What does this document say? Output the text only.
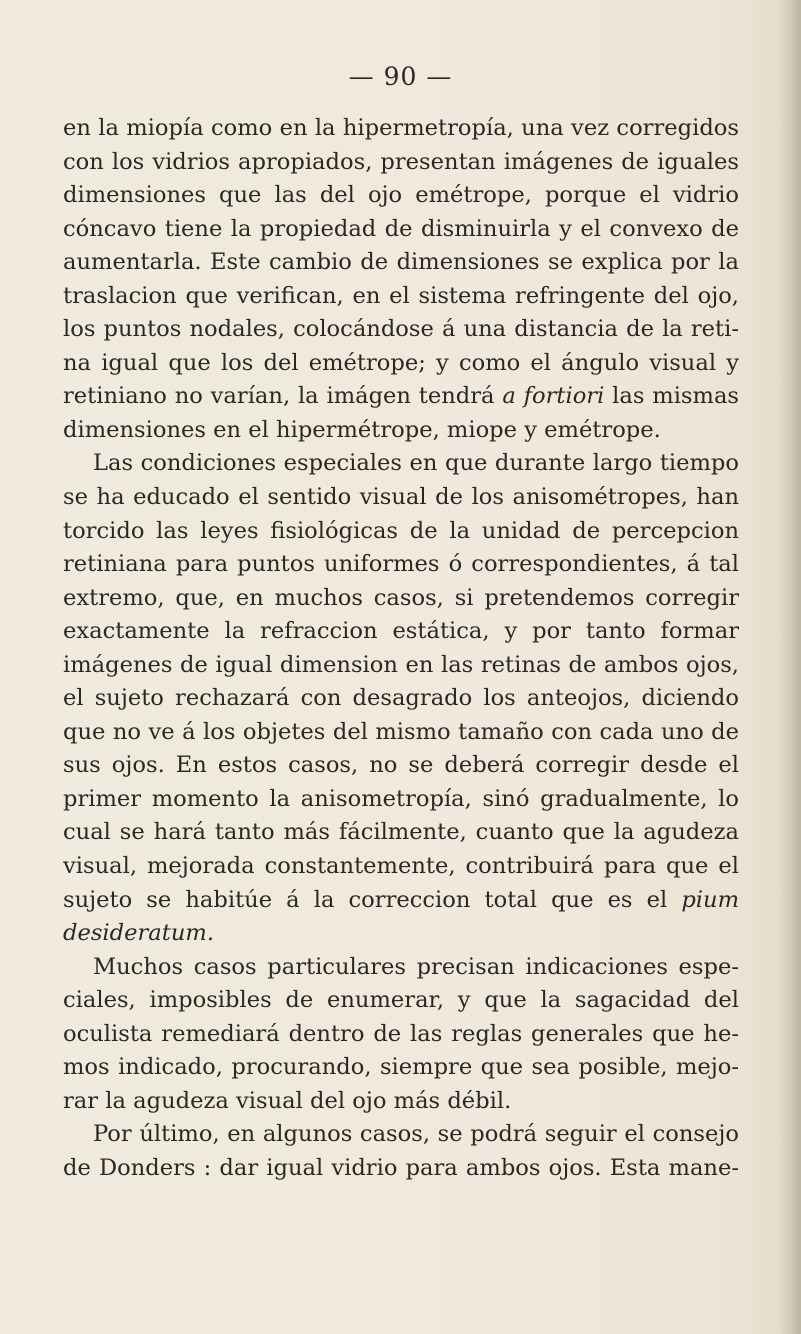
— 90 —
en la miopía como en la hipermetropía, una vez corregidos
con los vidrios apropiados, presentan imágenes de iguales
dimensiones que las del ojo emétrope, porque el vidrio
cóncavo tiene la propiedad de disminuirla y el convexo de
aumentarla. Este cambio de dimensiones se explica por la
traslacion que verifican, en el sistema refringente del ojo,
los puntos nodales, colocándose á una distancia de la reti-
na igual que los del emétrope; y como el ángulo visual y
retiniano no varían, la imágen tendrá a fortiori las mismas
dimensiones en el hipermétrope, miope y emétrope.
Las condiciones especiales en que durante largo tiempo
se ha educado el sentido visual de los anisométropes, han
torcido las leyes fisiológicas de la unidad de percepcion
retiniana para puntos uniformes ó correspondientes, á tal
extremo, que, en muchos casos, si pretendemos corregir
exactamente la refraccion estática, y por tanto formar
imágenes de igual dimension en las retinas de ambos ojos,
el sujeto rechazará con desagrado los anteojos, diciendo
que no ve á los objetes del mismo tamaño con cada uno de
sus ojos. En estos casos, no se deberá corregir desde el
primer momento la anisometropía, sinó gradualmente, lo
cual se hará tanto más fácilmente, cuanto que la agudeza
visual, mejorada constantemente, contribuirá para que el
sujeto se habitúe á la correccion total que es el pium
desideratum.
Muchos casos particulares precisan indicaciones espe-
ciales, imposibles de enumerar, y que la sagacidad del
oculista remediará dentro de las reglas generales que he-
mos indicado, procurando, siempre que sea posible, mejo-
rar la agudeza visual del ojo más débil.
Por último, en algunos casos, se podrá seguir el consejo
de Donders : dar igual vidrio para ambos ojos. Esta mane-
